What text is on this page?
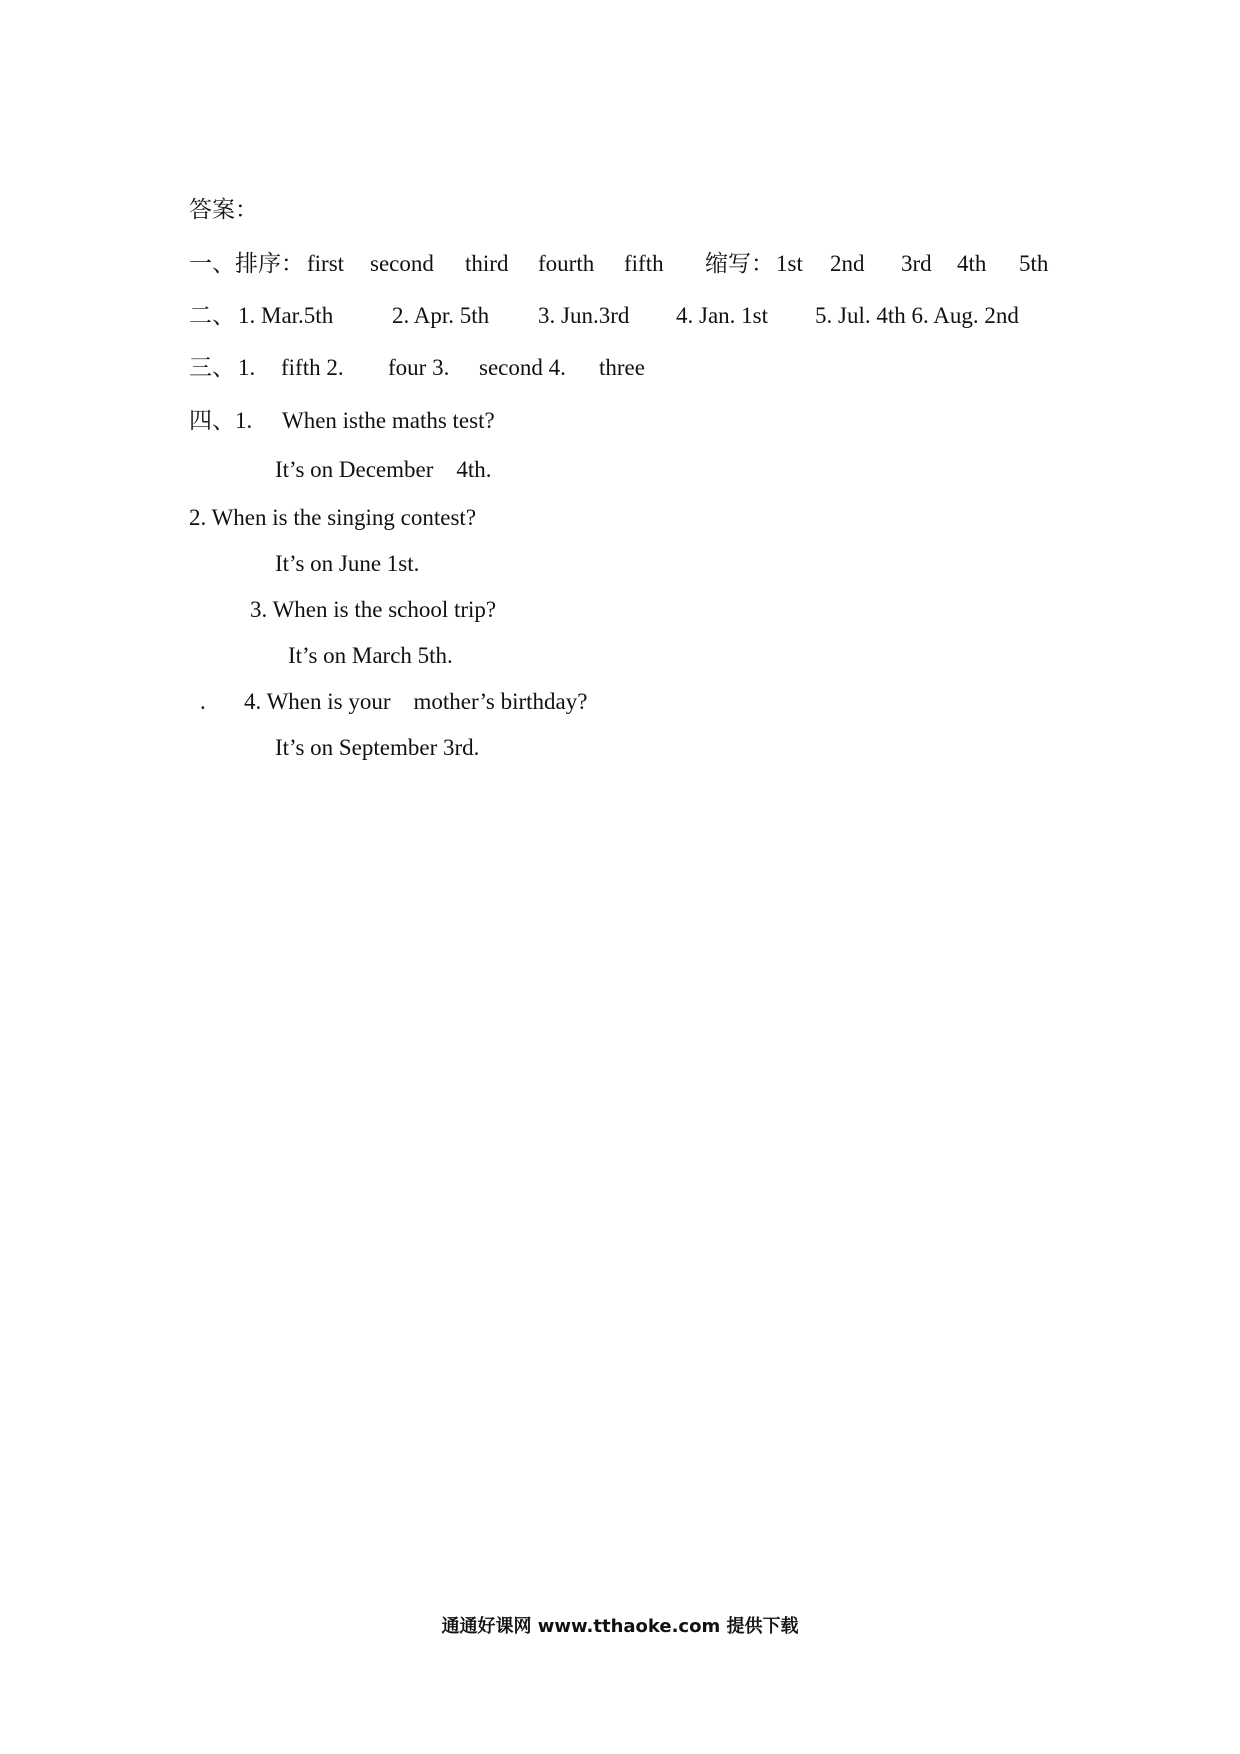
答案：

一、排序：

first

second

third

fourth

fifth

缩写：

1st

2nd

3rd

4th

5th

二、

1. Mar.5th

	2. Apr. 5th

3. Jun.3rd

4. Jan. 1st

5. Jul. 4th 6. Aug. 2nd

三、

1.

fifth 2.

four 3.

second 4.

three

四、1.

When isthe maths test?

It’s on December    4th.
2. When is the singing contest?
It’s on June 1st.
3. When is the school trip?
It’s on March 5th.
. 4. When is your    mother’s birthday?
It’s on September 3rd.
通通好课网 www.tthaoke.com 提供下载
